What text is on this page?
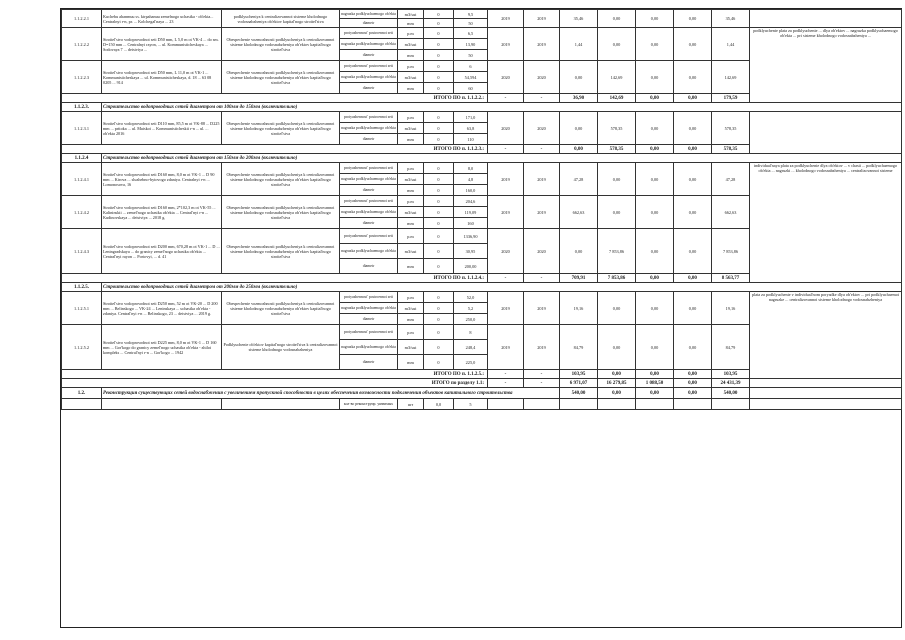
1.1.2.2.1	Kuchebu ahanmuu ss. ktrpahanuu zemelnogo uchastka - ob'ekta... Centralnyi r-n, pr. ... Kolchegal'naya ... 23	podklyucheniya k centralizovannoi sisteme kholodnogo vodosnabzheniya ob'ektov kapital'nogo stroitel'stva	nagruzka podklyuchaemogo ob'ekta	m3/sut	0	9,5	2019	2019	35,46	0,00	0,00	0,00	35,46	
			diametr	mm	0	50								
1.1.2.2.2	Stroitel'stvo vodoprovodnoi seti D50 mm, L 5,0 m ot VK-4 ... do sm. D=150 mm ... Centralnyi rayon, ... ul. Kommunisticheskaya ... Sodovaya 7 ... deistviya ...	Obespechenie vozmozhnosti podklyucheniya k centralizovannoi sisteme kholodnogo vodosnabzheniya ob'ektov kapital'nogo stroitel'stva	protyazhennost' postroennoi seti	p.m	0	6,5	2019	2019	1,44	0,00	0,00	0,00	1,44	podklyuchenie plata za podklyuchenie ... dlya ob'ektov ... nagruzka podklyuchaemogo ob'ekta ... pri sisteme kholodnogo vodosnabzheniya ...
			nagruzka podklyuchaemogo ob'ekta	m3/sut	0	13,90								
			diametr	mm	0	50								
1.1.2.2.3	Stroitel'stvo vodoprovodnoi seti D50 mm, L 11,0 m ot VK-1 ... Kommunisticheskaya ... ul. Kommunisticheskaya, d. 18 ... 63 08 0205 ... 914	Obespechenie vozmozhnosti podklyucheniya k centralizovannoi sisteme kholodnogo vodosnabzheniya ob'ektov kapital'nogo stroitel'stva	protyazhennost' postroennoi seti	p.m	0	6	2020	2020	0,00	142,69	0,00	0,00	142,69	
			nagruzka podklyuchaemogo ob'ekta	m3/sut	0	54,594								
			diametr	mm	0	60								
ИТОГО ПО п. 1.1.2.2.:							-	-	36,90	142,69	0,00	0,00	179,59	
1.1.2.3.	Строительство водопроводных сетей диаметром от 100мм до 150мм (включительно)													
1.1.2.3.1	Stroitel'stvo vodoprovodnoi seti D110 mm, 85,5 m ot VK-88 ... D225 mm ... pritoka ... ul. Maiskoi ... Kommunisticheskii r-n ... ul. ... ob'ekta 2016	Obespechenie vozmozhnosti podklyucheniya k centralizovannoi sisteme kholodnogo vodosnabzheniya ob'ektov kapital'nogo stroitel'stva	protyazhennost' postroennoi seti	p.m	0	171,0	2020	2020	0,00	578,35	0,00	0,00	578,35	
			nagruzka podklyuchaemogo ob'ekta	m3/sut	0	63,8								
			diametr	mm	0	110								
ИТОГО ПО п. 1.1.2.3.:							-	-	0,00	578,35	0,00	0,00	578,35	
1.1.2.4	Строительство водопроводных сетей диаметром от 150мм до 200мм (включительно)													
1.1.2.4.1	Stroitel'stvo vodoprovodnoi seti D160 mm, 8,0 m ot VK-1 ... D 90 mm ... Kirova ... sluzhebno-bytovogo zdaniya. Centralnyi r-n ... Lomonosova, 16	Obespechenie vozmozhnosti podklyucheniya k centralizovannoi sisteme kholodnogo vodosnabzheniya ob'ektov kapital'nogo stroitel'stva	protyazhennost' postroennoi seti	p.m	0	8,0	2019	2019	47,28	0,00	0,00	0,00	47,28	individual'naya plata za podklyuchenie dlya ob'ektov ... v chasti ... podklyuchaemogo ob'ekta ... nagruzki ... kholodnogo vodosnabzheniya ... centralizovannoi sisteme
			nagruzka podklyuchaemogo ob'ekta	m3/sut	0	4,8								
			diametr	mm	0	160,0								
1.1.2.4.2	Stroitel'stvo vodoprovodnoi seti D160 mm, 2*102,3 m ot VK-55 ... Kalininskii ... zemel'nogo uchastka ob'ekta ... Central'nyi r-n ... Kudinovskaya ... deistviya ... 2018 g.	Obespechenie vozmozhnosti podklyucheniya k centralizovannoi sisteme kholodnogo vodosnabzheniya ob'ektov kapital'nogo stroitel'stva	protyazhennost' postroennoi seti	p.m	0	204,6	2019	2019	662,63	0,00	0,00	0,00	662,63	
			nagruzka podklyuchaemogo ob'ekta	m3/sut	0	119,09								
			diametr	mm	0	160								
1.1.2.4.3	Stroitel'stvo vodoprovodnoi seti D200 mm, 670,28 m ot VK-1 ... D ... Leningradskaya ... do granicy zemel'nogo uchastka ob'ekta ... Central'nyi rayon ... Portovyi, ... d. 41	Obespechenie vozmozhnosti podklyucheniya k centralizovannoi sisteme kholodnogo vodosnabzheniya ob'ektov kapital'nogo stroitel'stva	protyazhennost' postroennoi seti	p.m	0	1336,90	2020	2020	0,00	7 853,86	0,00	0,00	7 853,86	
			nagruzka podklyuchaemogo ob'ekta	m3/sut	0	30,95								
			diametr	mm	0	200,00								
ИТОГО ПО п. 1.1.2.4.:							-	-	709,91	7 853,86	0,00	0,00	8 563,77	
1.1.2.5.	Строительство водопроводных сетей диаметром от 200мм до 250мм (включительно)													
1.1.2.5.1	Stroitel'stvo vodoprovodnoi seti D250 mm, 52 m ot VK-20 ... D 200 mm ... Belinskogo ... VK-24 ... Leninskaya ... uchastka ob'ekta - zdaniya. Central'nyi r-n ... Belinskogo, 23 ... deistviya ... 2019 g.	Obespechenie vozmozhnosti podklyucheniya k centralizovannoi sisteme kholodnogo vodosnabzheniya ob'ektov kapital'nogo stroitel'stva	protyazhennost' postroennoi seti	p.m	0	52,0	2019	2019	19,16	0,00	0,00	0,00	19,16	plata za podklyuchenie v individual'nom poryadke dlya ob'ektov ... pri podklyuchaemoi nagruzke ... centralizovannoi sisteme kholodnogo vodosnabzheniya
			nagruzka podklyuchaemogo ob'ekta	m3/sut	0	5,2								
			diametr	mm	0	250,0								
1.1.2.5.2	Stroitel'stvo vodoprovodnoi seti D225 mm, 8,0 m ot VK-1 ... D 160 mm ... Gor'kogo do granicy zemel'nogo uchastka ob'ekta - zhiloi kompleks ... Central'nyi r-n ... Gor'kogo ... 1942	Podklyuchenie ob'ektov kapital'nogo stroitel'stva k centralizovannoi sisteme kholodnogo vodosnabzheniya	protyazhennost' postroennoi seti	p.m	0	8	2019	2019	84,79	0,00	0,00	0,00	84,79	
			nagruzka podklyuchaemogo ob'ekta	m3/sut	0	248,4								
			diametr	mm	0	225,0								
ИТОГО ПО п. 1.1.2.5.:							-	-	103,95	0,00	0,00	0,00	103,95	
ИТОГО по разделу 1.1:							-	-	6 971,07	16 279,85	1 088,50	0,00	24 431,39	
1.2.	Реконструкция существующих сетей водоснабжения с увеличением пропускной способности в целях обеспечения возможности подключения объектов капитального строительства								540,00	0,00	0,00	0,00	540,00	
			кол-во реконструир. уязвимых	шт	0,0	5								
